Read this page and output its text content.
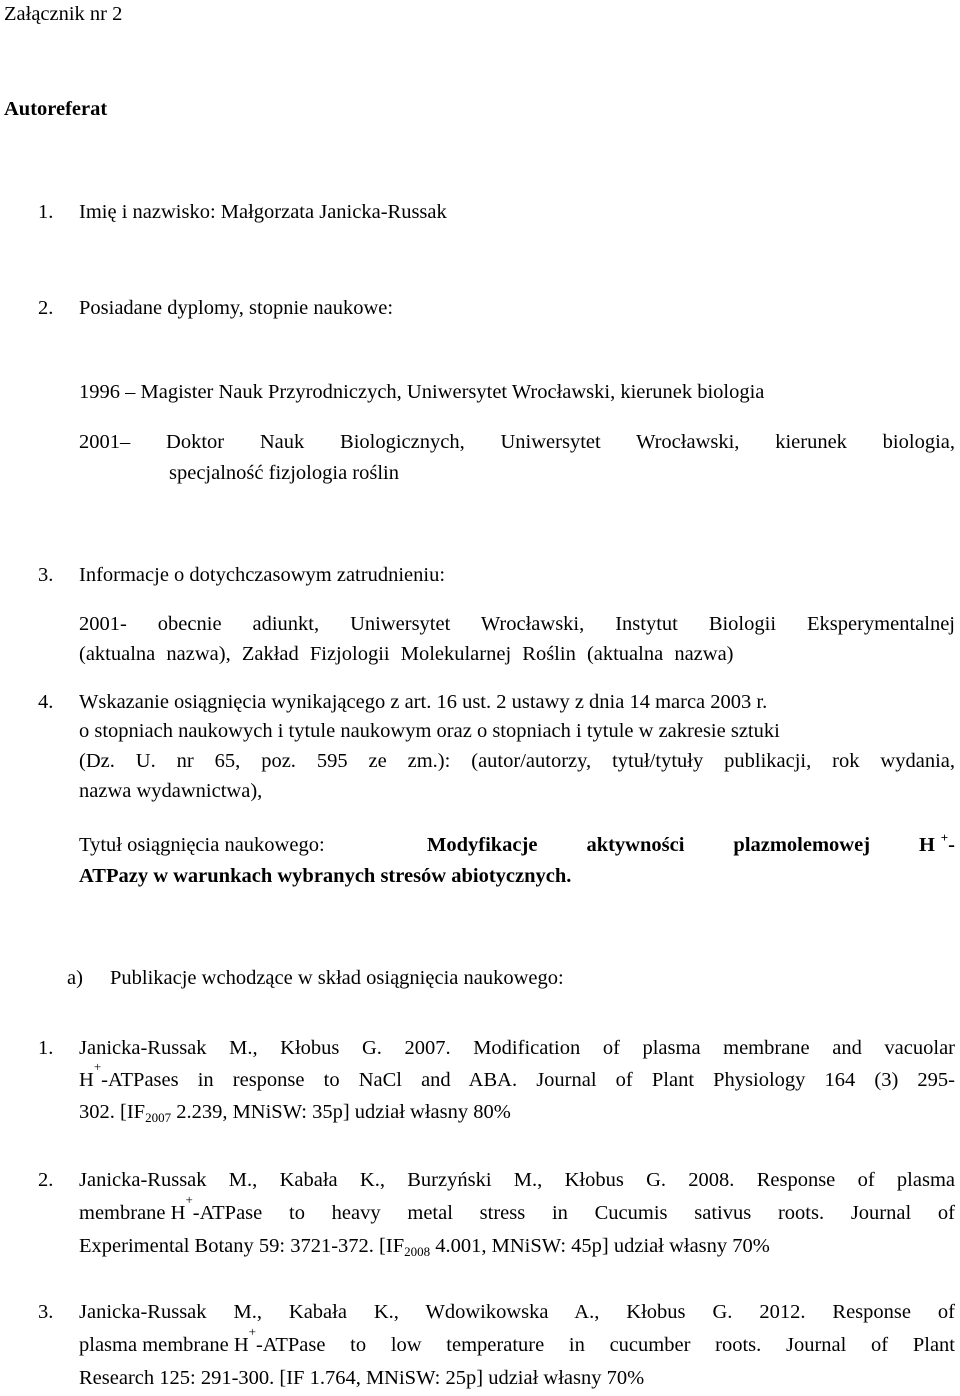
Załącznik nr 2
Autoreferat
1. Imię i nazwisko: Małgorzata Janicka-Russak
2. Posiadane dyplomy, stopnie naukowe:
1996 – Magister Nauk Przyrodniczych, Uniwersytet Wrocławski, kierunek biologia
2001– Doktor Nauk Biologicznych, Uniwersytet Wrocławski, kierunek biologia,
specjalność fizjologia roślin
3. Informacje o dotychczasowym zatrudnieniu:
2001- obecnie adiunkt, Uniwersytet Wrocławski, Instytut Biologii Eksperymentalnej
(aktualna nazwa), Zakład Fizjologii Molekularnej Roślin (aktualna nazwa)
4. Wskazanie osiągnięcia wynikającego z art. 16 ust. 2 ustawy z dnia 14 marca 2003 r.
o stopniach naukowych i tytule naukowym oraz o stopniach i tytule w zakresie sztuki
(Dz. U. nr 65, poz. 595 ze zm.): (autor/autorzy, tytuł/tytuły publikacji, rok wydania,
nazwa wydawnictwa),
Tytuł osiągnięcia naukowego:	Modyfikacje aktywności plazmolemowej H +-
ATPazy w warunkach wybranych stresów abiotycznych.
a) Publikacje wchodzące w skład osiągnięcia naukowego:
1. Janicka-Russak M., Kłobus G. 2007. Modification of plasma membrane and vacuolar
H
+
-ATPases in response to NaCl and ABA. Journal of Plant Physiology 164 (3) 295-
302. [IF2007 2.239, MNiSW: 35p] udział własny 80%
2. Janicka-Russak M., Kabała K., Burzyński M., Kłobus G. 2008. Response of plasma
membrane H
+
-ATPase to heavy metal stress in Cucumis sativus roots. Journal of
Experimental Botany 59: 3721-372. [IF2008 4.001, MNiSW: 45p] udział własny 70%
3. Janicka-Russak M., Kabała K., Wdowikowska A., Kłobus G. 2012. Response of
plasma membrane H
+
-ATPase to low temperature in cucumber roots. Journal of Plant
Research 125: 291-300. [IF 1.764, MNiSW: 25p] udział własny 70%
